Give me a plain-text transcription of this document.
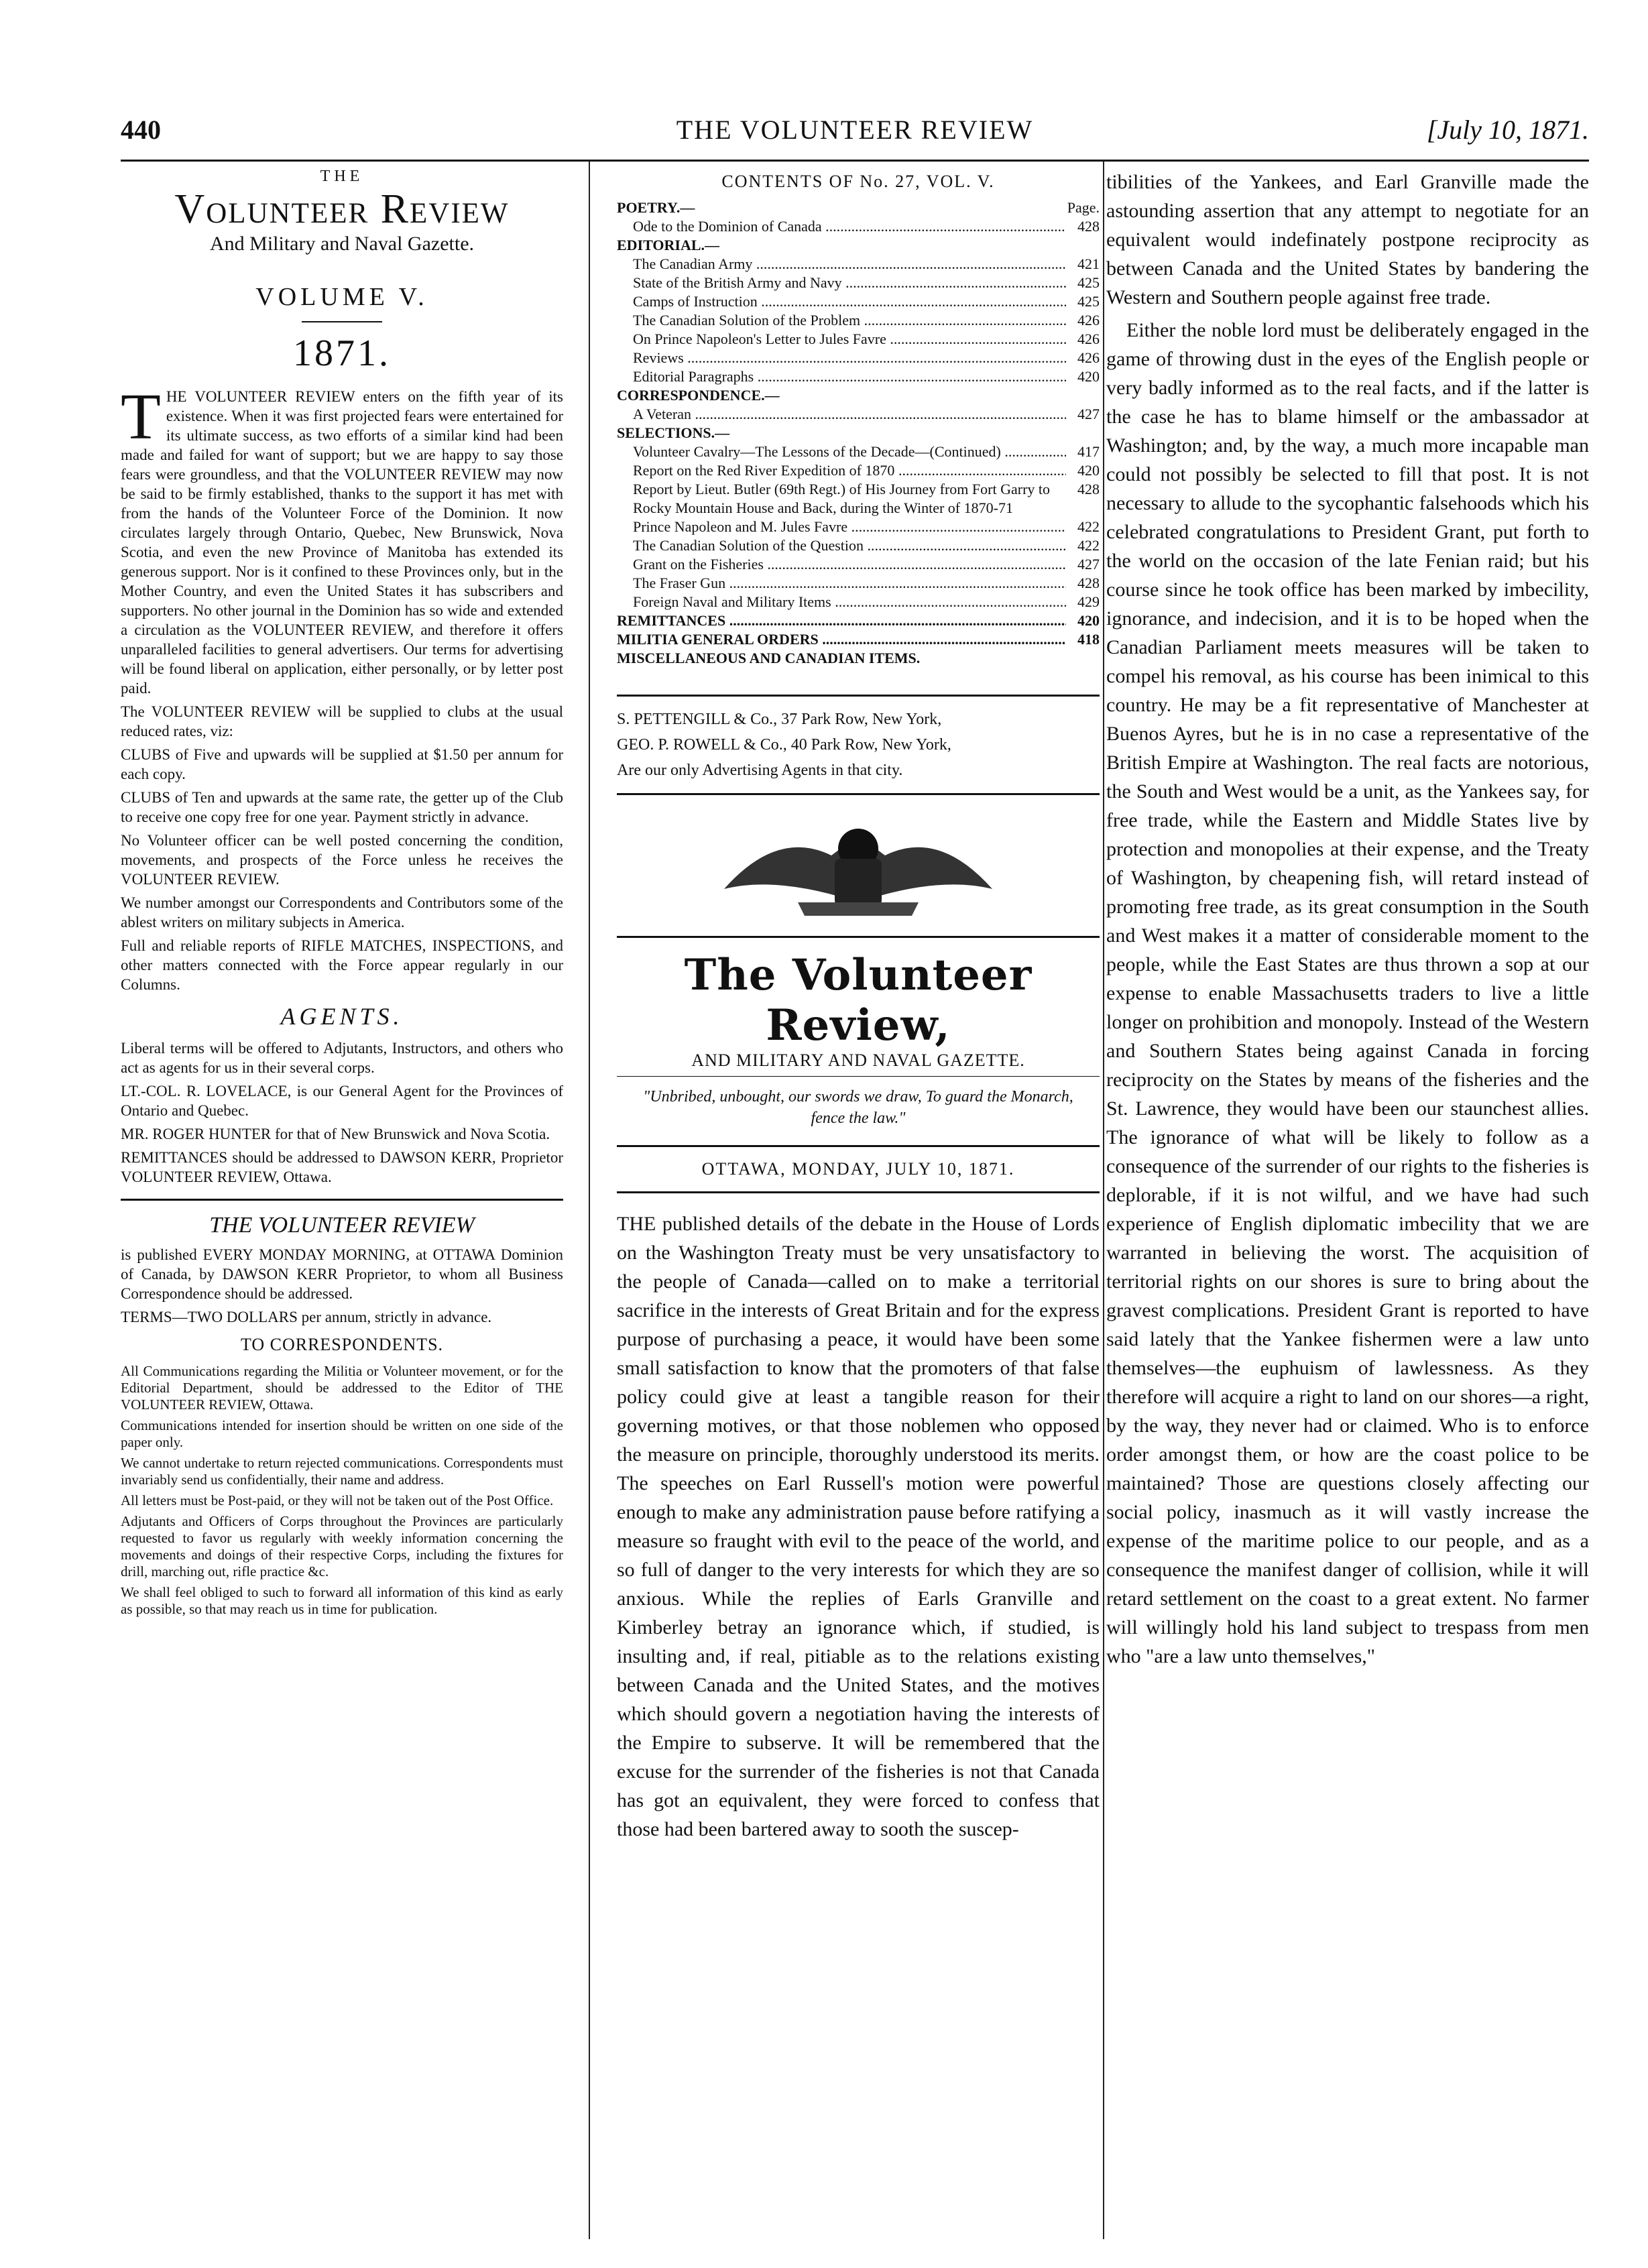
440	THE VOLUNTEER REVIEW	[July 10, 1871.
THE
Volunteer Review
And Military and Naval Gazette.
VOLUME V.
1871.
T HE VOLUNTEER REVIEW enters on the fifth year of its existence. When it was first projected fears were entertained for its ultimate success, as two efforts of a similar kind had been made and failed for want of support; but we are happy to say those fears were groundless, and that the VOLUNTEER REVIEW may now be said to be firmly established, thanks to the support it has met with from the hands of the Volunteer Force of the Dominion. It now circulates largely through Ontario, Quebec, New Brunswick, Nova Scotia, and even the new Province of Manitoba has extended its generous support. Nor is it confined to these Provinces only, but in the Mother Country, and even the United States it has subscribers and supporters. No other journal in the Dominion has so wide and extended a circulation as the VOLUNTEER REVIEW, and therefore it offers unparalleled facilities to general advertisers. Our terms for advertising will be found liberal on application, either personally, or by letter post paid.

The VOLUNTEER REVIEW will be supplied to clubs at the usual reduced rates, viz:

CLUBS of Five and upwards will be supplied at $1.50 per annum for each copy.

CLUBS of Ten and upwards at the same rate, the getter up of the Club to receive one copy free for one year. Payment strictly in advance.

No Volunteer officer can be well posted concerning the condition, movements, and prospects of the Force unless he receives the VOLUNTEER REVIEW.

We number amongst our Correspondents and Contributors some of the ablest writers on military subjects in America.

Full and reliable reports of RIFLE MATCHES, INSPECTIONS, and other matters connected with the Force appear regularly in our Columns.

AGENTS.

Liberal terms will be offered to Adjutants, Instructors, and others who act as agents for us in their several corps.

LT.-COL. R. LOVELACE, is our General Agent for the Provinces of Ontario and Quebec.

MR. ROGER HUNTER for that of New Brunswick and Nova Scotia.

REMITTANCES should be addressed to DAWSON KERR, Proprietor VOLUNTEER REVIEW, Ottawa.

THE VOLUNTEER REVIEW

is published EVERY MONDAY MORNING, at OTTAWA Dominion of Canada, by DAWSON KERR Proprietor, to whom all Business Correspondence should be addressed.

TERMS—TWO DOLLARS per annum, strictly in advance.

TO CORRESPONDENTS.

All Communications regarding the Militia or Volunteer movement, or for the Editorial Department, should be addressed to the Editor of THE VOLUNTEER REVIEW, Ottawa.

Communications intended for insertion should be written on one side of the paper only.

We cannot undertake to return rejected communications. Correspondents must invariably send us confidentially, their name and address.

All letters must be Post-paid, or they will not be taken out of the Post Office.

Adjutants and Officers of Corps throughout the Provinces are particularly requested to favor us regularly with weekly information concerning the movements and doings of their respective Corps, including the fixtures for drill, marching out, rifle practice &c.

We shall feel obliged to such to forward all information of this kind as early as possible, so that may reach us in time for publication.

CONTENTS OF No. 27, VOL. V.
POETRY.—	Page.
Ode to the Dominion of Canada .....	428
EDITORIAL.—
The Canadian Army .....	421
State of the British Army and Navy .....	425
Camps of Instruction .....	425
The Canadian Solution of the Problem .....	426
On Prince Napoleon's Letter to Jules Favre .....	426
Reviews .....	426
Editorial Paragraphs .....	420
CORRESPONDENCE.—
A Veteran .....	427
SELECTIONS.—
Volunteer Cavalry—The Lessons of the Decade—(Continued) .....	417
Report on the Red River Expedition of 1870 .....	420
Report by Lieut. Butler (69th Regt.) of His Journey from Fort Garry to Rocky Mountain House and Back, during the Winter of 1870-71
428
Prince Napoleon and M. Jules Favre .....	422
The Canadian Solution of the Question .....	422
Grant on the Fisheries .....	427
The Fraser Gun .....	428
Foreign Naval and Military Items .....	429
REMITTANCES .....	420
MILITIA GENERAL ORDERS .....	418
MISCELLANEOUS AND CANADIAN ITEMS.

S. PETTENGILL & Co., 37 Park Row, New York,

GEO. P. ROWELL & Co., 40 Park Row, New York,

Are our only Advertising Agents in that city.

The Volunteer Review,
AND MILITARY AND NAVAL GAZETTE.
"Unbribed, unbought, our swords we draw, To guard the Monarch, fence the law."
OTTAWA, MONDAY, JULY 10, 1871.
THE published details of the debate in the House of Lords on the Washington Treaty must be very unsatisfactory to the people of Canada—called on to make a territorial sacrifice in the interests of Great Britain and for the express purpose of purchasing a peace, it would have been some small satisfaction to know that the promoters of that false policy could give at least a tangible reason for their governing motives, or that those noblemen who opposed the measure on principle, thoroughly understood its merits. The speeches on Earl Russell's motion were powerful enough to make any administration pause before ratifying a measure so fraught with evil to the peace of the world, and so full of danger to the very interests for which they are so anxious. While the replies of Earls Granville and Kimberley betray an ignorance which, if studied, is insulting and, if real, pitiable as to the relations existing between Canada and the United States, and the motives which should govern a negotiation having the interests of the Empire to subserve. It will be remembered that the excuse for the surrender of the fisheries is not that Canada has got an equivalent, they were forced to confess that those had been bartered away to sooth the suscep-

tibilities of the Yankees, and Earl Granville made the astounding assertion that any attempt to negotiate for an equivalent would indefinately postpone reciprocity as between Canada and the United States by bandering the Western and Southern people against free trade.

Either the noble lord must be deliberately engaged in the game of throwing dust in the eyes of the English people or very badly informed as to the real facts, and if the latter is the case he has to blame himself or the ambassador at Washington; and, by the way, a much more incapable man could not possibly be selected to fill that post. It is not necessary to allude to the sycophantic falsehoods which his celebrated congratulations to President Grant, put forth to the world on the occasion of the late Fenian raid; but his course since he took office has been marked by imbecility, ignorance, and indecision, and it is to be hoped when the Canadian Parliament meets measures will be taken to compel his removal, as his course has been inimical to this country. He may be a fit representative of Manchester at Buenos Ayres, but he is in no case a representative of the British Empire at Washington. The real facts are notorious, the South and West would be a unit, as the Yankees say, for free trade, while the Eastern and Middle States live by protection and monopolies at their expense, and the Treaty of Washington, by cheapening fish, will retard instead of promoting free trade, as its great consumption in the South and West makes it a matter of considerable moment to the people, while the East States are thus thrown a sop at our expense to enable Massachusetts traders to live a little longer on prohibition and monopoly. Instead of the Western and Southern States being against Canada in forcing reciprocity on the States by means of the fisheries and the St. Lawrence, they would have been our staunchest allies. The ignorance of what will be likely to follow as a consequence of the surrender of our rights to the fisheries is deplorable, if it is not wilful, and we have had such experience of English diplomatic imbecility that we are warranted in believing the worst. The acquisition of territorial rights on our shores is sure to bring about the gravest complications. President Grant is reported to have said lately that the Yankee fishermen were a law unto themselves—the euphuism of lawlessness. As they therefore will acquire a right to land on our shores—a right, by the way, they never had or claimed. Who is to enforce order amongst them, or how are the coast police to be maintained? Those are questions closely affecting our social policy, inasmuch as it will vastly increase the expense of the maritime police to our people, and as a consequence the manifest danger of collision, while it will retard settlement on the coast to a great extent. No farmer will willingly hold his land subject to trespass from men who "are a law unto themselves,"
